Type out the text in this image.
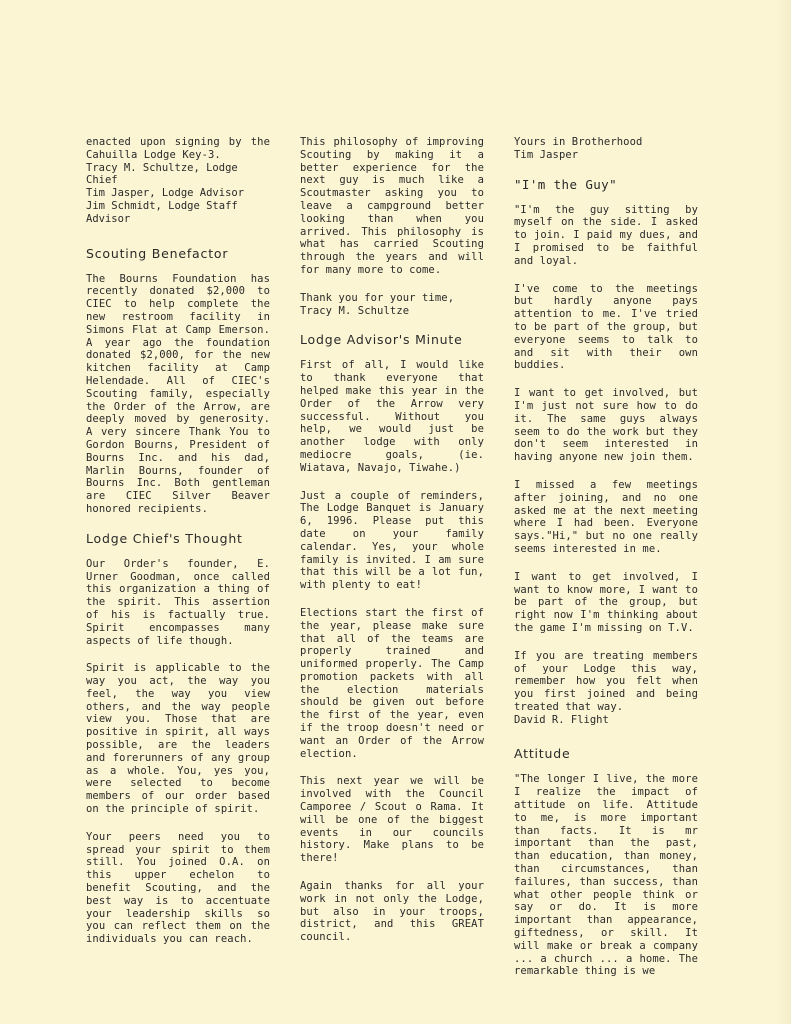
enacted upon signing by the Cahuilla Lodge Key-3.

Tracy M. Schultze, Lodge Chief
Tim Jasper, Lodge Advisor
Jim Schmidt, Lodge Staff Advisor
Scouting Benefactor

The Bourns Foundation has recently donated $2,000 to CIEC to help complete the new restroom facility in Simons Flat at Camp Emerson. A year ago the foundation donated $2,000, for the new kitchen facility at Camp Helendade. All of CIEC's Scouting family, especially the Order of the Arrow, are deeply moved by generosity. A very sincere Thank You to Gordon Bourns, President of Bourns Inc. and his dad, Marlin Bourns, founder of Bourns Inc. Both gentleman are CIEC Silver Beaver honored recipients.

Lodge Chief's Thought

Our Order's founder, E. Urner Goodman, once called this organization a thing of the spirit. This assertion of his is factually true. Spirit encompasses many aspects of life though.

Spirit is applicable to the way you act, the way you feel, the way you view others, and the way people view you. Those that are positive in spirit, all ways possible, are the leaders and forerunners of any group as a whole. You, yes you, were selected to become members of our order based on the principle of spirit.

Your peers need you to spread your spirit to them still. You joined O.A. on this upper echelon to benefit Scouting, and the best way is to accentuate your leadership skills so you can reflect them on the individuals you can reach.

This philosophy of improving Scouting by making it a better experience for the next guy is much like a Scoutmaster asking you to leave a campground better looking than when you arrived. This philosophy is what has carried Scouting through the years and will for many more to come.

Thank you for your time,
Tracy M. Schultze

Lodge Advisor's Minute

First of all, I would like to thank everyone that helped make this year in the Order of the Arrow very successful. Without you help, we would just be another lodge with only mediocre goals, (ie. Wiatava, Navajo, Tiwahe.)

Just a couple of reminders, The Lodge Banquet is January 6, 1996. Please put this date on your family calendar. Yes, your whole family is invited. I am sure that this will be a lot fun, with plenty to eat!

Elections start the first of the year, please make sure that all of the teams are properly trained and uniformed properly. The Camp promotion packets with all the election materials should be given out before the first of the year, even if the troop doesn't need or want an Order of the Arrow election.

This next year we will be involved with the Council Camporee / Scout o Rama. It will be one of the biggest events in our councils history. Make plans to be there!

Again thanks for all your work in not only the Lodge, but also in your troops, district, and this GREAT council.

Yours in Brotherhood
Tim Jasper

"I'm the Guy"

"I'm the guy sitting by myself on the side. I asked to join. I paid my dues, and I promised to be faithful and loyal.

I've come to the meetings but hardly anyone pays attention to me. I've tried to be part of the group, but everyone seems to talk to and sit with their own buddies.

I want to get involved, but I'm just not sure how to do it. The same guys always seem to do the work but they don't seem interested in having anyone new join them.

I missed a few meetings after joining, and no one asked me at the next meeting where I had been. Everyone says."Hi," but no one really seems interested in me.

I want to get involved, I want to know more, I want to be part of the group, but right now I'm thinking about the game I'm missing on T.V.

If you are treating members of your Lodge this way, remember how you felt when you first joined and being treated that way.

David R. Flight
Attitude

"The longer I live, the more I realize the impact of attitude on life. Attitude to me, is more important than facts. It is mr important than the past, than education, than money, than circumstances, than failures, than success, than what other people think or say or do. It is more important than appearance, giftedness, or skill. It will make or break a company ... a church ... a home. The remarkable thing is we
